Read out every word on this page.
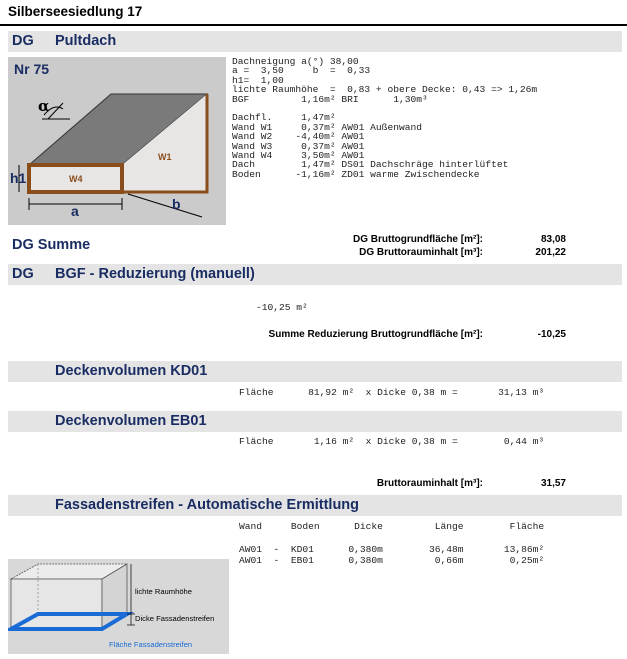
Silberseesiedlung 17
DG Pultdach
Nr 75
α
h1
a	b
W1
W4
Dachneigung a(°) 38,00
a =  3,50     b  =  0,33
h1=  1,00
lichte Raumhöhe  =  0,83 + obere Decke: 0,43 => 1,26m
BGF         1,16m² BRI      1,30m³
Dachfl.     1,47m²
Wand W1     0,37m² AW01 Außenwand
Wand W2    -4,40m² AW01
Wand W3     0,37m² AW01
Wand W4     3,50m² AW01
Dach        1,47m² DS01 Dachschräge hinterlüftet
Boden      -1,16m² ZD01 warme Zwischendecke
DG Summe	DG Bruttogrundfläche [m²]:	83,08
DG Bruttorauminhalt [m³]:	201,22
DG BGF - Reduzierung (manuell)
-10,25 m²
Summe Reduzierung Bruttogrundfläche [m²]:	-10,25
Deckenvolumen KD01
Fläche      81,92 m²  x Dicke 0,38 m =       31,13 m³
Deckenvolumen EB01
Fläche       1,16 m²  x Dicke 0,38 m =        0,44 m³
Bruttorauminhalt [m³]:	31,57
Fassadenstreifen - Automatische Ermittlung
Wand     Boden      Dicke         Länge        Fläche
AW01  -  KD01      0,380m        36,48m       13,86m²
AW01  -  EB01      0,380m         0,66m        0,25m²
lichte Raumhöhe
Dicke Fassadenstreifen
Fläche Fassadenstreifen
